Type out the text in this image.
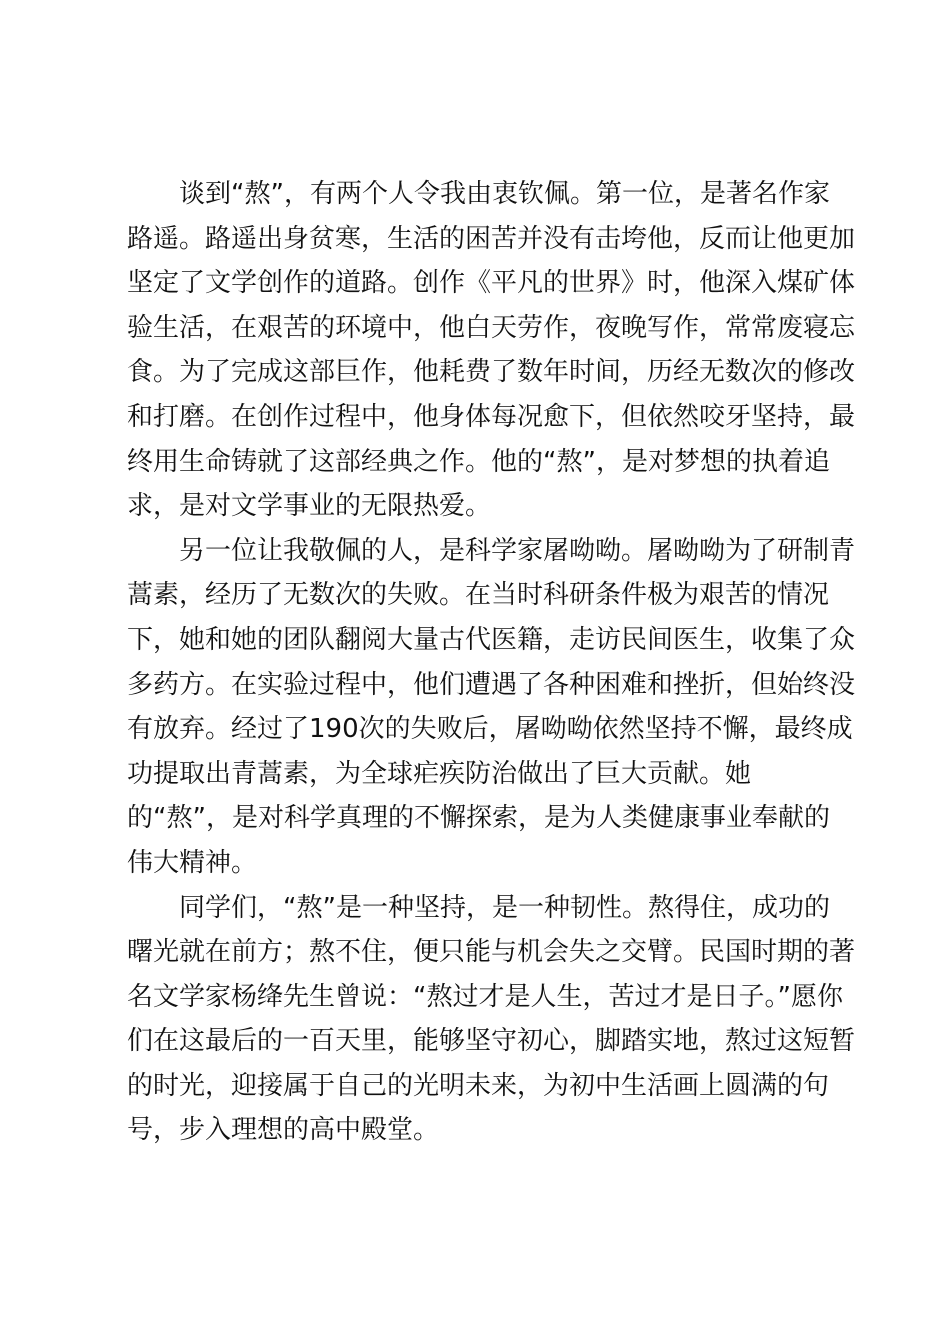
谈到“熬”，有两个人令我由衷钦佩。第一位，是著名作家路遥。路遥出身贫寒，生活的困苦并没有击垮他，反而让他更加坚定了文学创作的道路。创作《平凡的世界》时，他深入煤矿体验生活，在艰苦的环境中，他白天劳作，夜晚写作，常常废寝忘食。为了完成这部巨作，他耗费了数年时间，历经无数次的修改和打磨。在创作过程中，他身体每况愈下，但依然咬牙坚持，最终用生命铸就了这部经典之作。他的“熬”，是对梦想的执着追求，是对文学事业的无限热爱。

另一位让我敬佩的人，是科学家屠呦呦。屠呦呦为了研制青蒿素，经历了无数次的失败。在当时科研条件极为艰苦的情况下，她和她的团队翻阅大量古代医籍，走访民间医生，收集了众多药方。在实验过程中，他们遭遇了各种困难和挫折，但始终没有放弃。经过了190次的失败后，屠呦呦依然坚持不懈，最终成功提取出青蒿素，为全球疟疾防治做出了巨大贡献。她的“熬”，是对科学真理的不懈探索，是为人类健康事业奉献的伟大精神。

同学们，“熬”是一种坚持，是一种韧性。熬得住，成功的曙光就在前方；熬不住，便只能与机会失之交臂。民国时期的著名文学家杨绛先生曾说：“熬过才是人生，苦过才是日子。”愿你们在这最后的一百天里，能够坚守初心，脚踏实地，熬过这短暂的时光，迎接属于自己的光明未来，为初中生活画上圆满的句号，步入理想的高中殿堂。
